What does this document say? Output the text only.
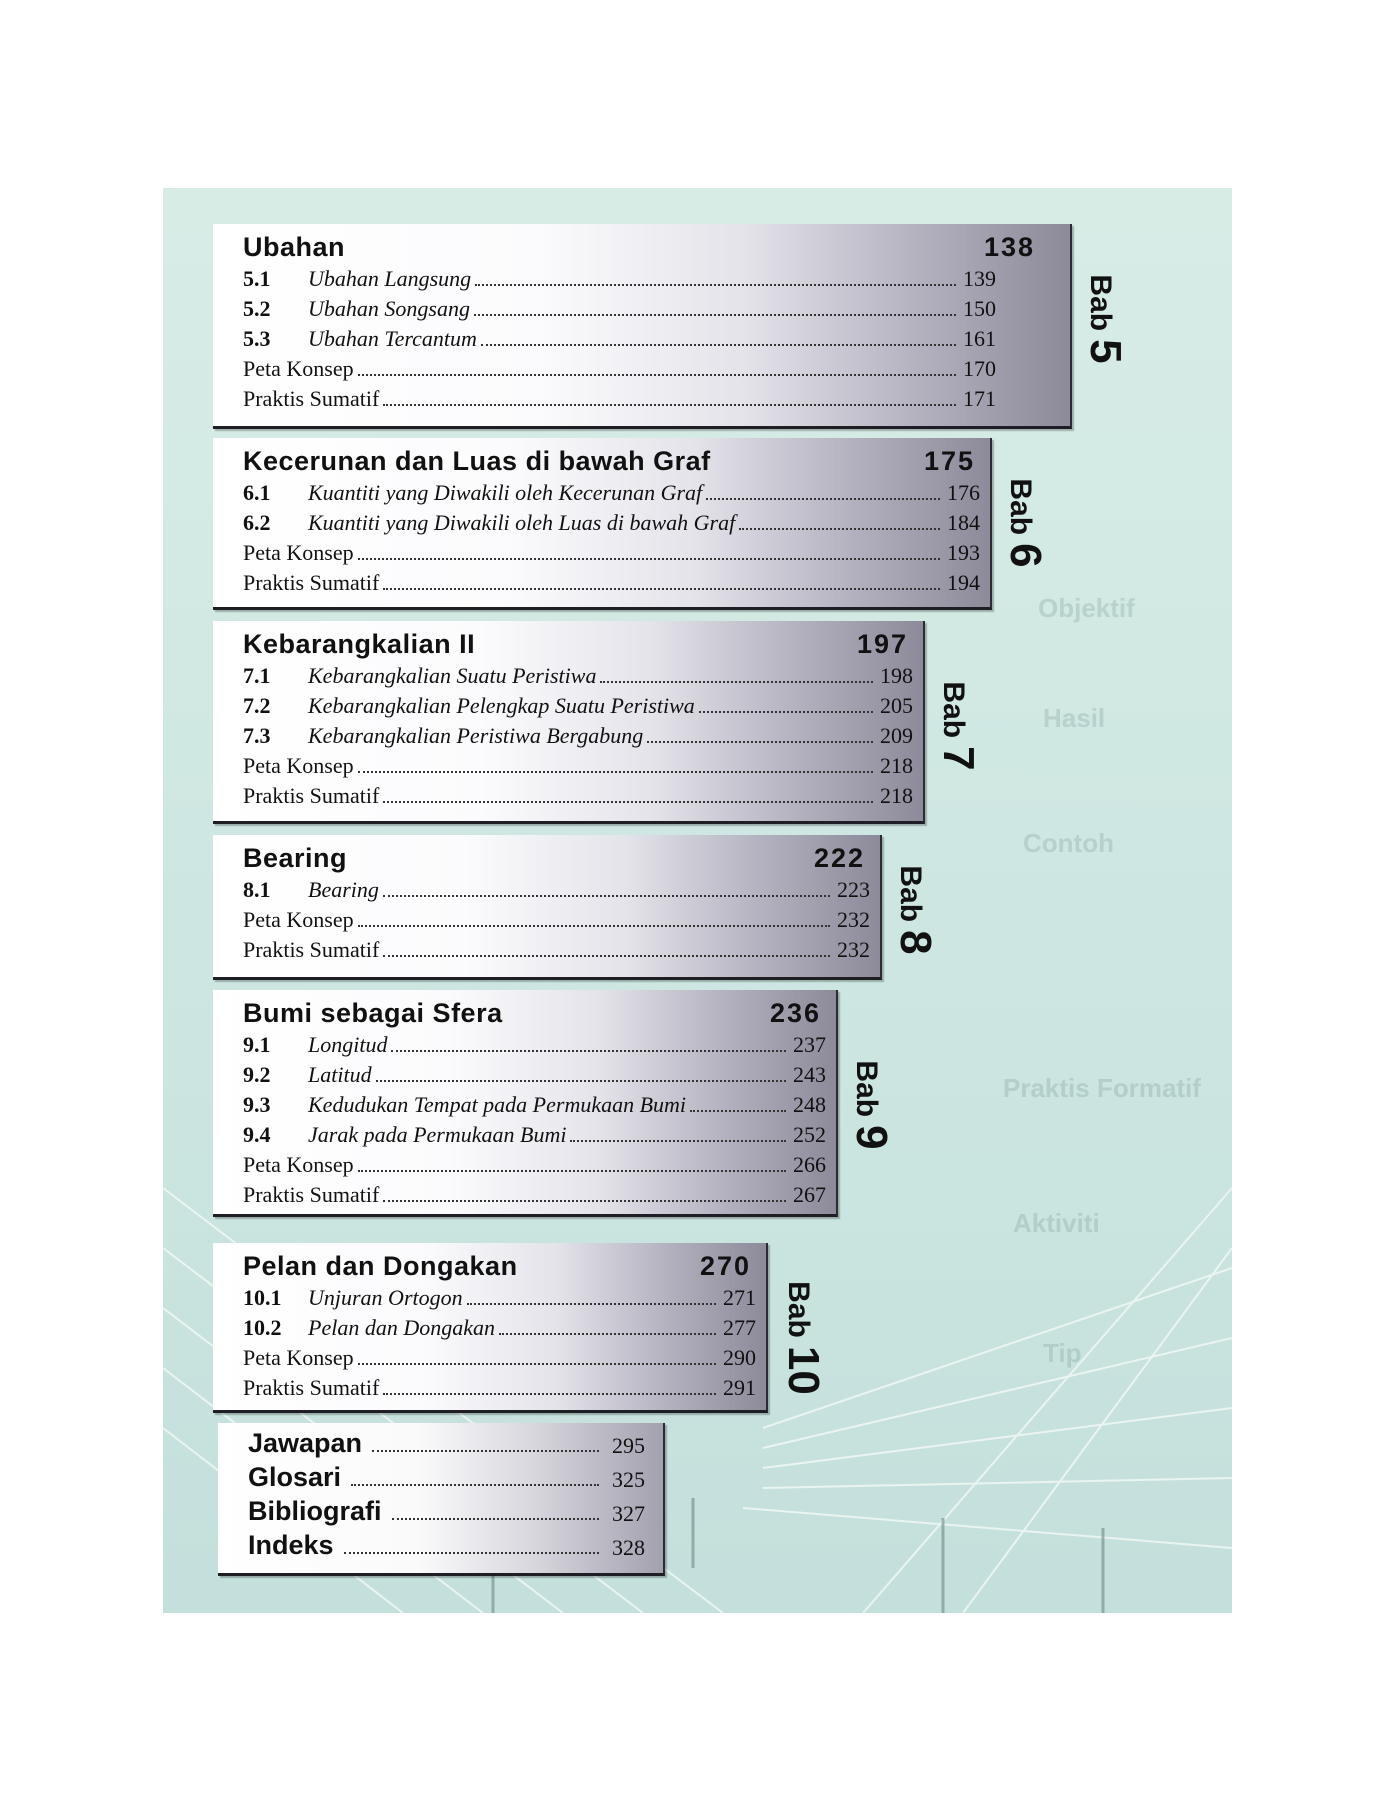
Objektif
Hasil
Contoh
Praktis Formatif
Aktiviti
Tip
Ubahan	138
5.1	Ubahan Langsung	139
5.2	Ubahan Songsang	150
5.3	Ubahan Tercantum	161
Peta Konsep	170
Praktis Sumatif	171
Bab5
Kecerunan dan Luas di bawah Graf	175
6.1	Kuantiti yang Diwakili oleh Kecerunan Graf	176
6.2	Kuantiti yang Diwakili oleh Luas di bawah Graf	184
Peta Konsep	193
Praktis Sumatif	194
Bab6
Kebarangkalian II	197
7.1	Kebarangkalian Suatu Peristiwa	198
7.2	Kebarangkalian Pelengkap Suatu Peristiwa	205
7.3	Kebarangkalian Peristiwa Bergabung	209
Peta Konsep	218
Praktis Sumatif	218
Bab7
Bearing	222
8.1	Bearing	223
Peta Konsep	232
Praktis Sumatif	232
Bab8
Bumi sebagai Sfera	236
9.1	Longitud	237
9.2	Latitud	243
9.3	Kedudukan Tempat pada Permukaan Bumi	248
9.4	Jarak pada Permukaan Bumi	252
Peta Konsep	266
Praktis Sumatif	267
Bab9
Pelan dan Dongakan	270
10.1	Unjuran Ortogon	271
10.2	Pelan dan Dongakan	277
Peta Konsep	290
Praktis Sumatif	291
Bab10
Jawapan	295
Glosari	325
Bibliografi	327
Indeks	328
